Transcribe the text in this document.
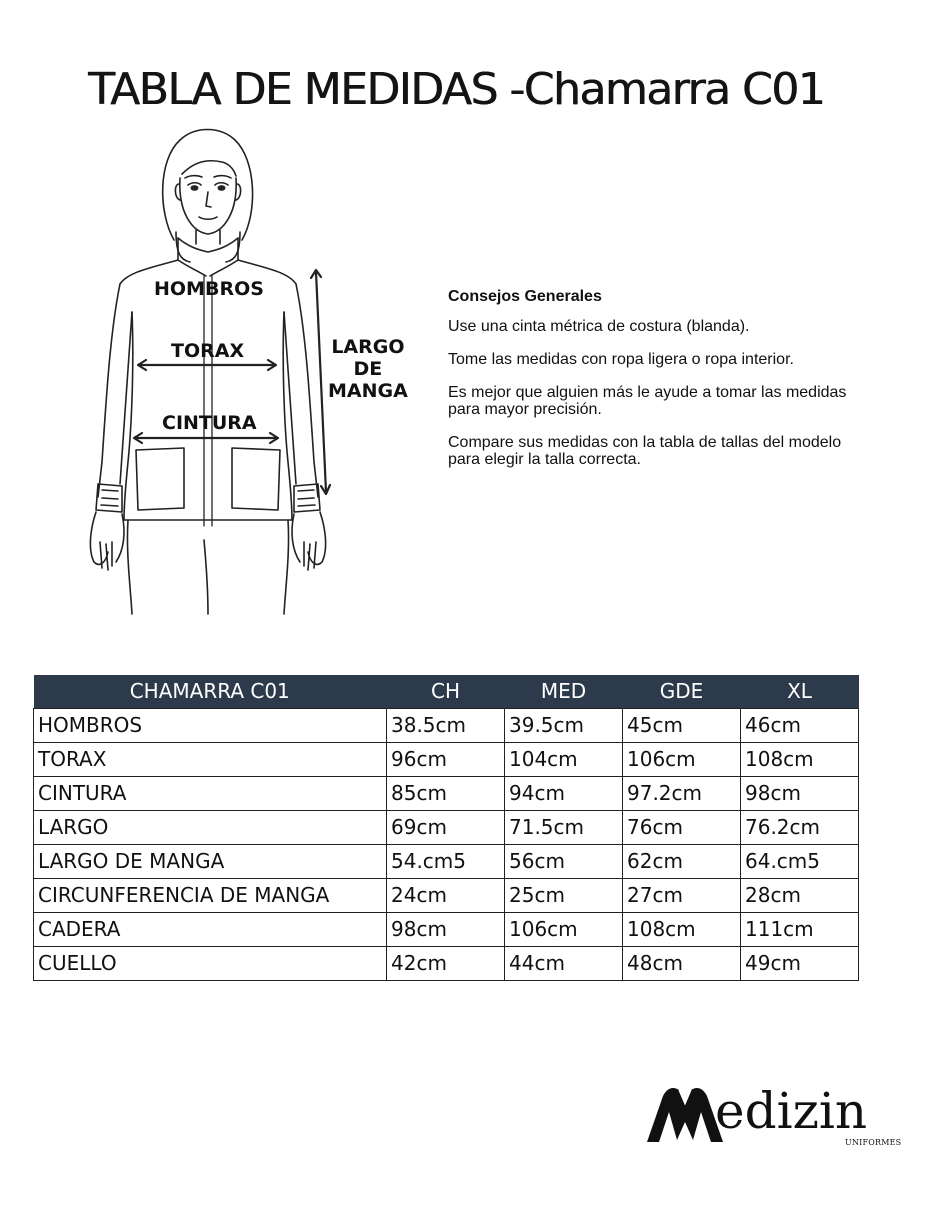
TABLA DE MEDIDAS -Chamarra C01
HOMBROS
TORAX
CINTURA
LARGO
DE
MANGA
Consejos Generales

Use una cinta métrica de costura (blanda).

Tome las medidas con ropa ligera o ropa interior.

Es mejor que alguien más le ayude a tomar las medidas
para mayor precisión.

Compare sus medidas con la tabla de tallas del modelo
para elegir la talla correcta.

CHAMARRA C01	CH	MED	GDE	XL
HOMBROS	38.5cm	39.5cm	45cm	46cm
TORAX	96cm	104cm	106cm	108cm
CINTURA	85cm	94cm	97.2cm	98cm
LARGO	69cm	71.5cm	76cm	76.2cm
LARGO DE MANGA	54.cm5	56cm	62cm	64.cm5
CIRCUNFERENCIA DE MANGA	24cm	25cm	27cm	28cm
CADERA	98cm	106cm	108cm	111cm
CUELLO	42cm	44cm	48cm	49cm
edizin
UNIFORMES
